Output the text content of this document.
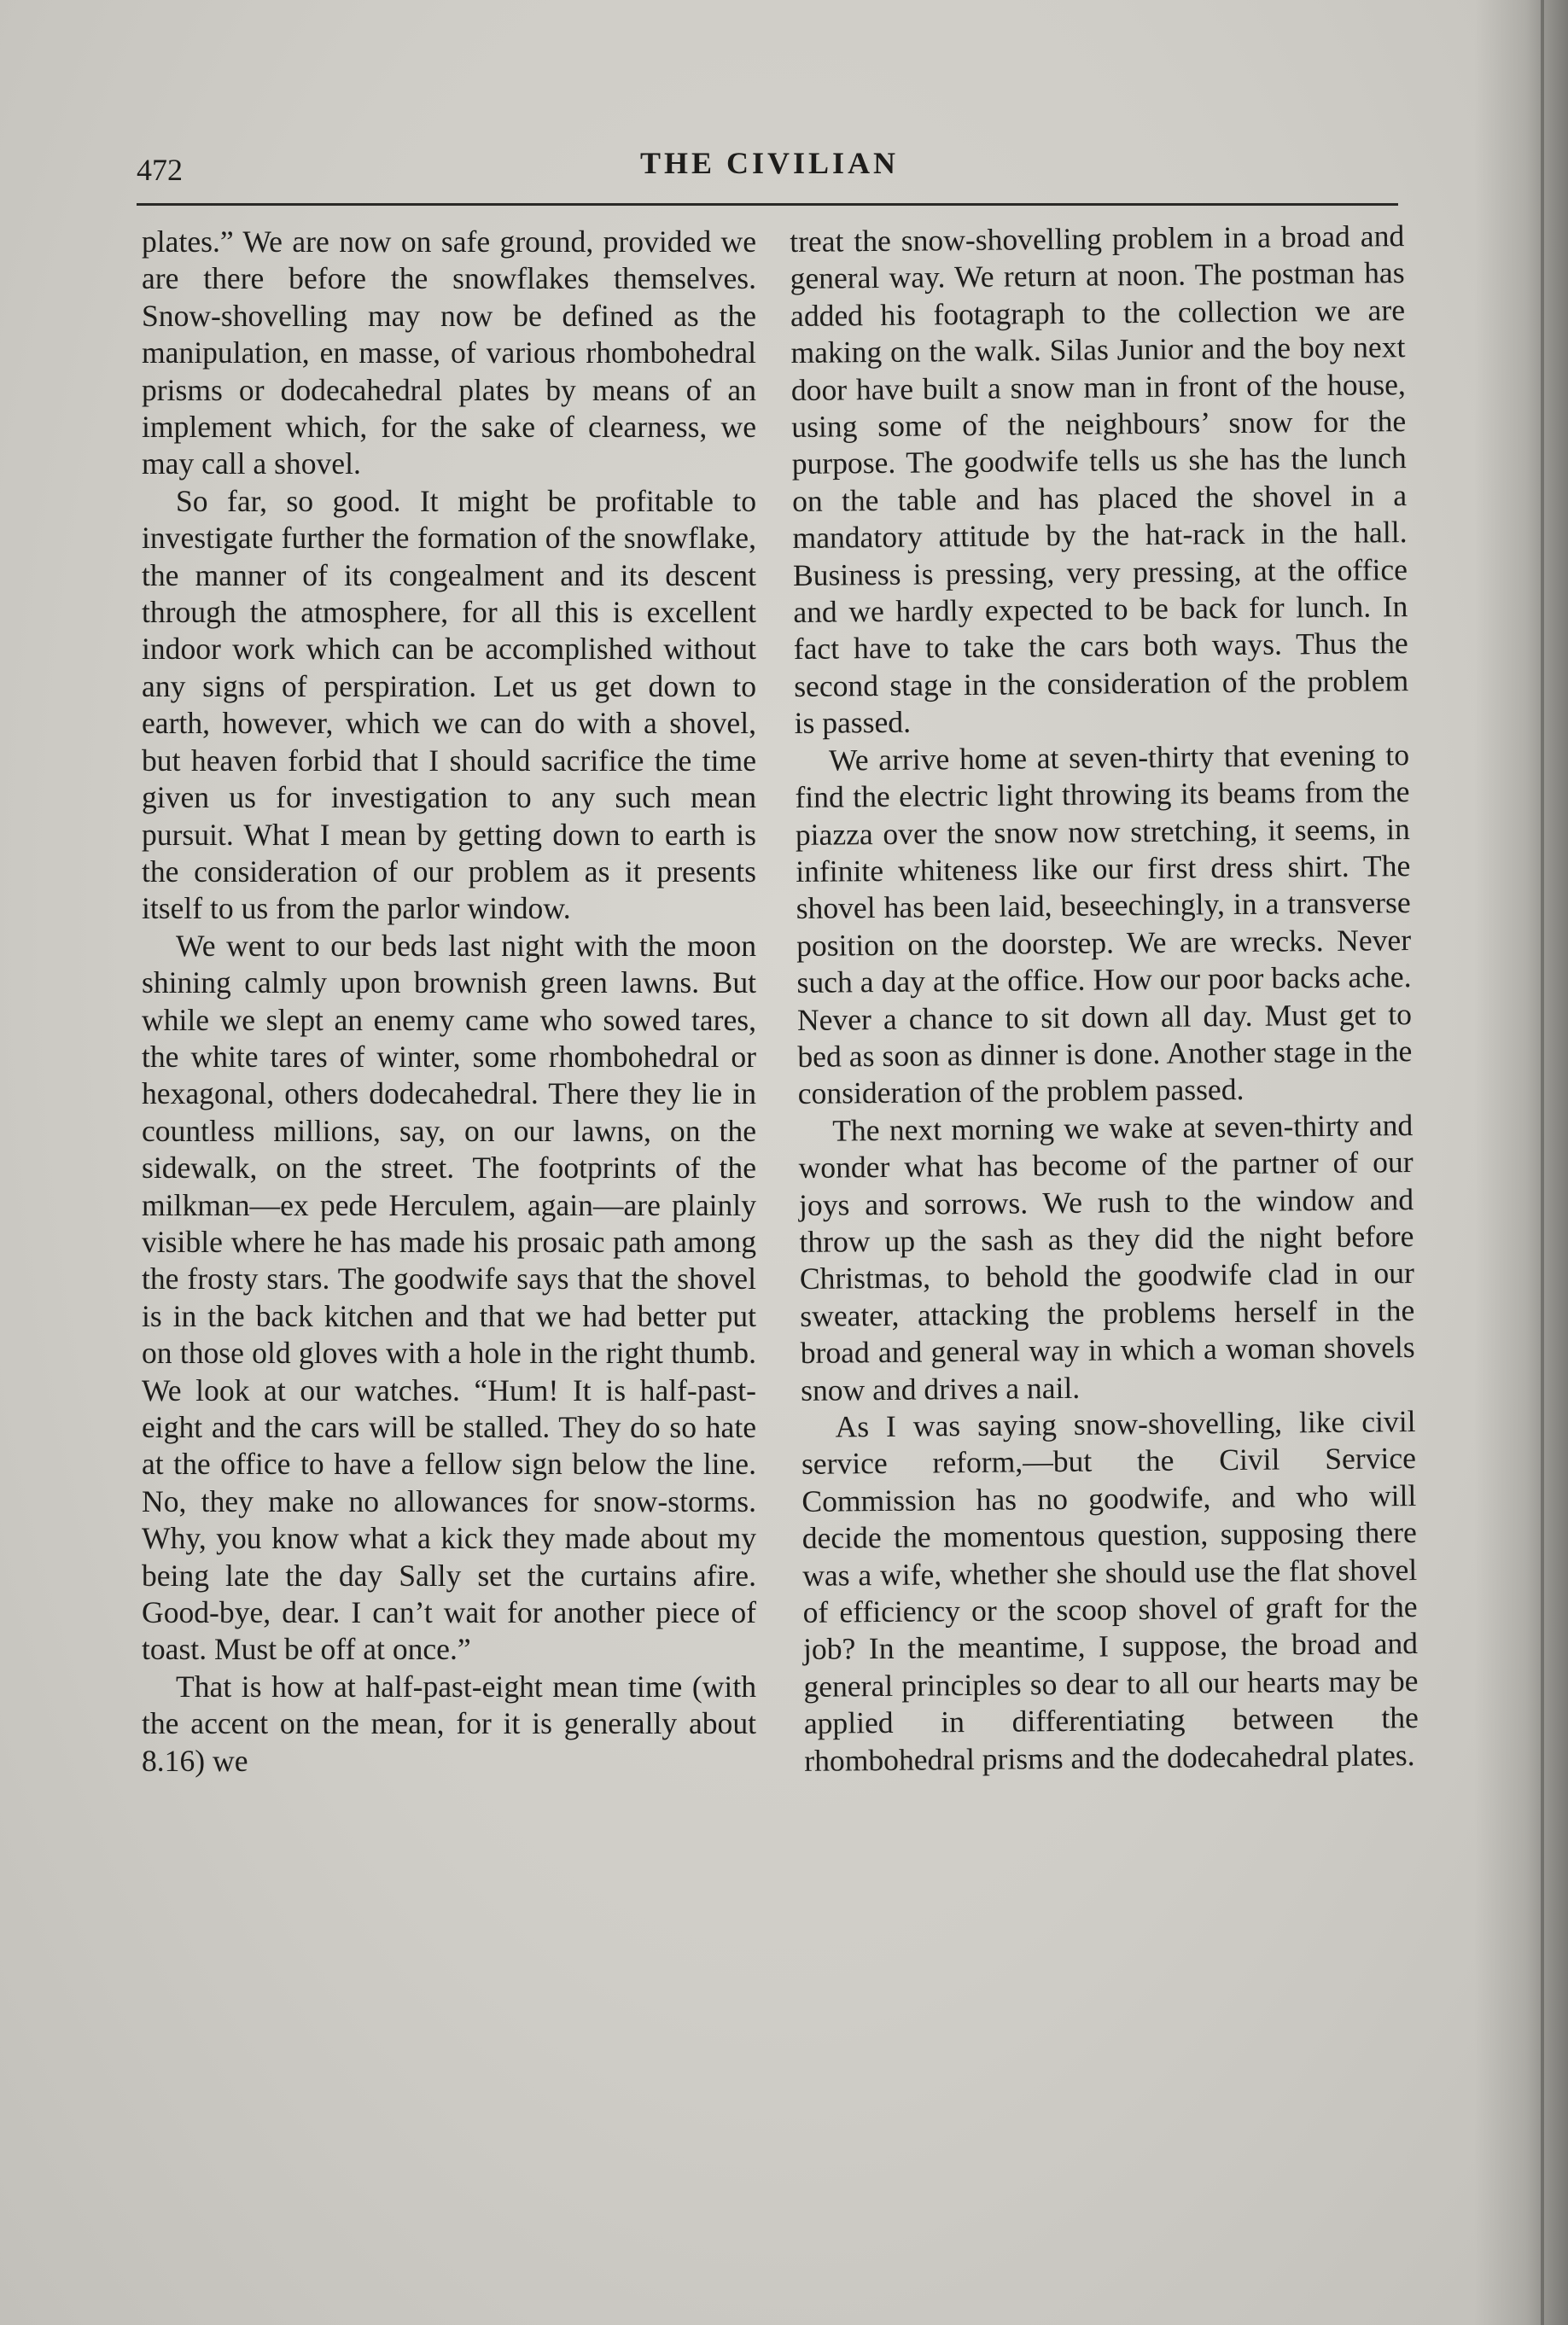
472	THE CIVILIAN

plates.” We are now on safe ground, provided we are there before the snowflakes themselves. Snow-shovelling may now be defined as the manipulation, en masse, of various rhombohedral prisms or dodecahedral plates by means of an implement which, for the sake of clearness, we may call a shovel.

So far, so good. It might be profitable to investigate further the formation of the snowflake, the manner of its congealment and its descent through the atmosphere, for all this is excellent indoor work which can be accomplished without any signs of perspiration. Let us get down to earth, however, which we can do with a shovel, but heaven forbid that I should sacrifice the time given us for investigation to any such mean pursuit. What I mean by getting down to earth is the consideration of our problem as it presents itself to us from the parlor window.

We went to our beds last night with the moon shining calmly upon brownish green lawns. But while we slept an enemy came who sowed tares, the white tares of winter, some rhombohedral or hexagonal, others dodecahedral. There they lie in countless millions, say, on our lawns, on the sidewalk, on the street. The footprints of the milkman—ex pede Herculem, again—are plainly visible where he has made his prosaic path among the frosty stars. The goodwife says that the shovel is in the back kitchen and that we had better put on those old gloves with a hole in the right thumb. We look at our watches. “Hum! It is half-past-eight and the cars will be stalled. They do so hate at the office to have a fellow sign below the line. No, they make no allowances for snow-storms. Why, you know what a kick they made about my being late the day Sally set the curtains afire. Good-bye, dear. I can’t wait for another piece of toast. Must be off at once.”

That is how at half-past-eight mean time (with the accent on the mean, for it is generally about 8.16) we

treat the snow-shovelling problem in a broad and general way. We return at noon. The postman has added his footagraph to the collection we are making on the walk. Silas Junior and the boy next door have built a snow man in front of the house, using some of the neighbours’ snow for the purpose. The goodwife tells us she has the lunch on the table and has placed the shovel in a mandatory attitude by the hat-rack in the hall. Business is pressing, very pressing, at the office and we hardly expected to be back for lunch. In fact have to take the cars both ways. Thus the second stage in the consideration of the problem is passed.

We arrive home at seven-thirty that evening to find the electric light throwing its beams from the piazza over the snow now stretching, it seems, in infinite whiteness like our first dress shirt. The shovel has been laid, beseechingly, in a transverse position on the doorstep. We are wrecks. Never such a day at the office. How our poor backs ache. Never a chance to sit down all day. Must get to bed as soon as dinner is done. Another stage in the consideration of the problem passed.

The next morning we wake at seven-thirty and wonder what has become of the partner of our joys and sorrows. We rush to the window and throw up the sash as they did the night before Christmas, to behold the goodwife clad in our sweater, attacking the problems herself in the broad and general way in which a woman shovels snow and drives a nail.

As I was saying snow-shovelling, like civil service reform,—but the Civil Service Commission has no goodwife, and who will decide the momentous question, supposing there was a wife, whether she should use the flat shovel of efficiency or the scoop shovel of graft for the job? In the meantime, I suppose, the broad and general principles so dear to all our hearts may be applied in differentiating between the rhombohedral prisms and the dodecahedral plates.
